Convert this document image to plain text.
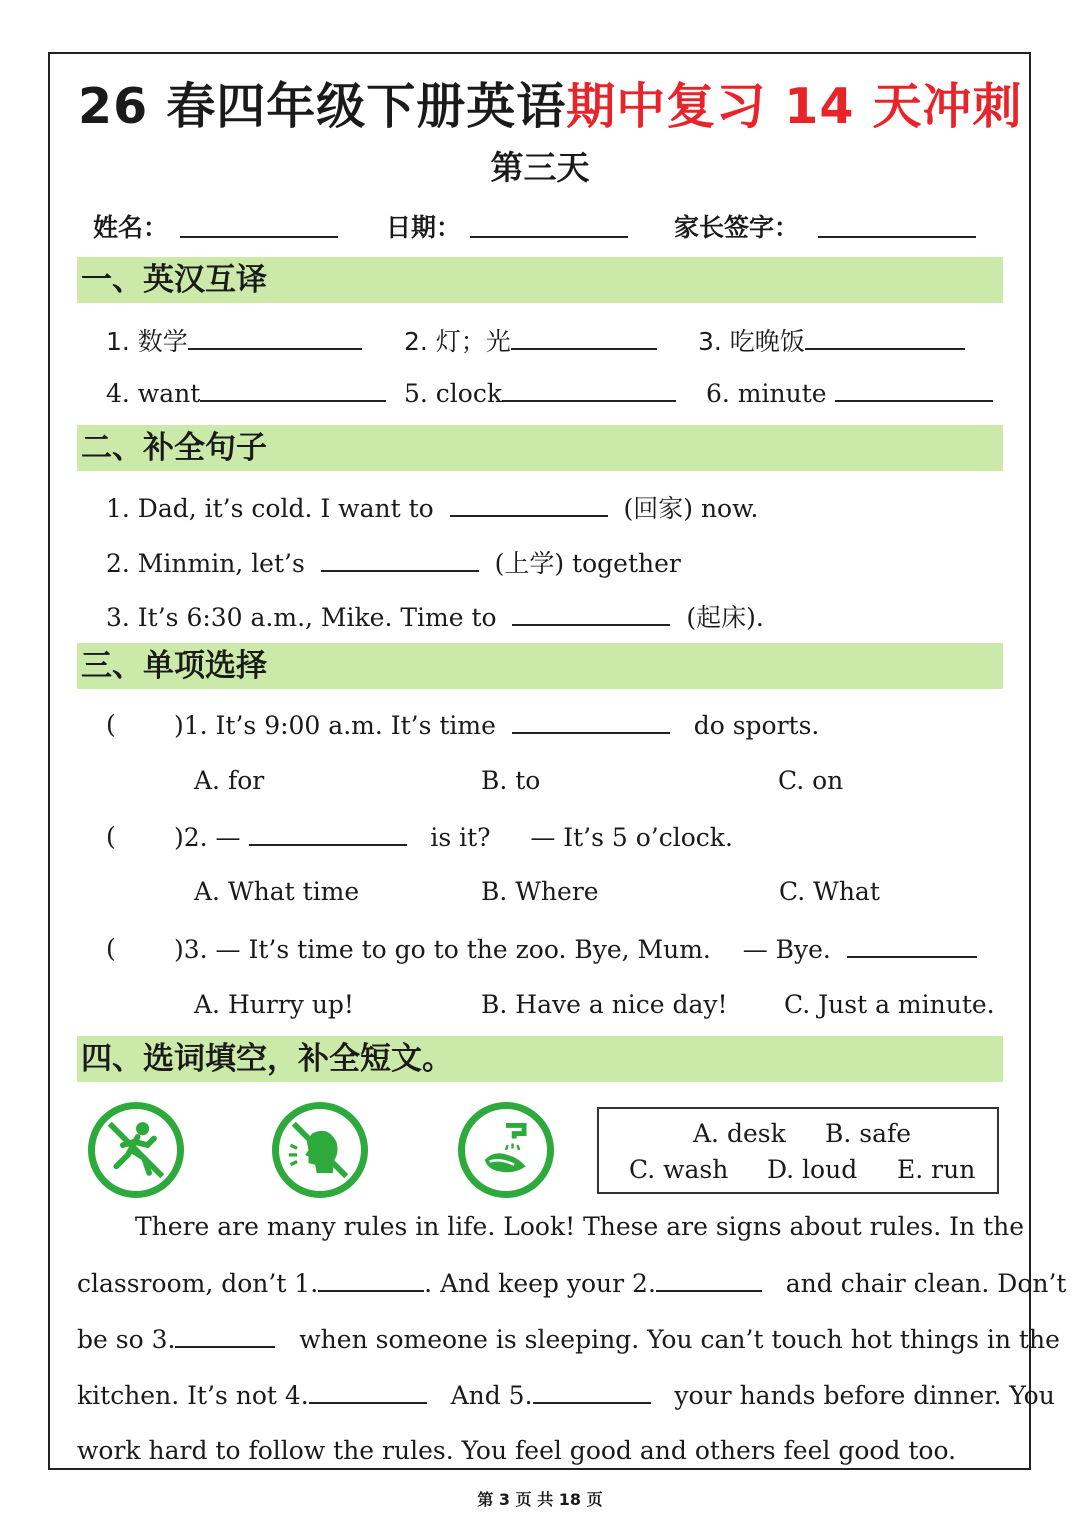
26 春四年级下册英语期中复习 14 天冲刺
第三天
姓名：	日期：	家长签字：
一、英汉互译
1. 数学	2. 灯；光	3. 吃晚饭
4. want	5. clock	6. minute
二、补全句子
1. Dad, it’s cold. I want to	(回家) now.
2. Minmin, let’s	(上学) together
3. It’s 6:30 a.m., Mike. Time to	(起床).
三、单项选择
( )1. It’s 9:00 a.m. It’s time	do sports.
A. for	B. to	C. on
( )2. —	is it? — It’s 5 o’clock.
A. What time	B. Where	C. What
( )3. — It’s time to go to the zoo. Bye, Mum. — Bye.
A. Hurry up!	B. Have a nice day! C. Just a minute.
四、选词填空，补全短文。
A. desk B. safe
C. wash D. loud E. run
There are many rules in life. Look! These are signs about rules. In the
classroom, don’t 1.	. And keep your 2.	and chair clean. Don’t
be so 3.	when someone is sleeping. You can’t touch hot things in the
kitchen. It’s not 4.	And 5.	your hands before dinner. You
work hard to follow the rules. You feel good and others feel good too.
第 3 页 共 18 页
